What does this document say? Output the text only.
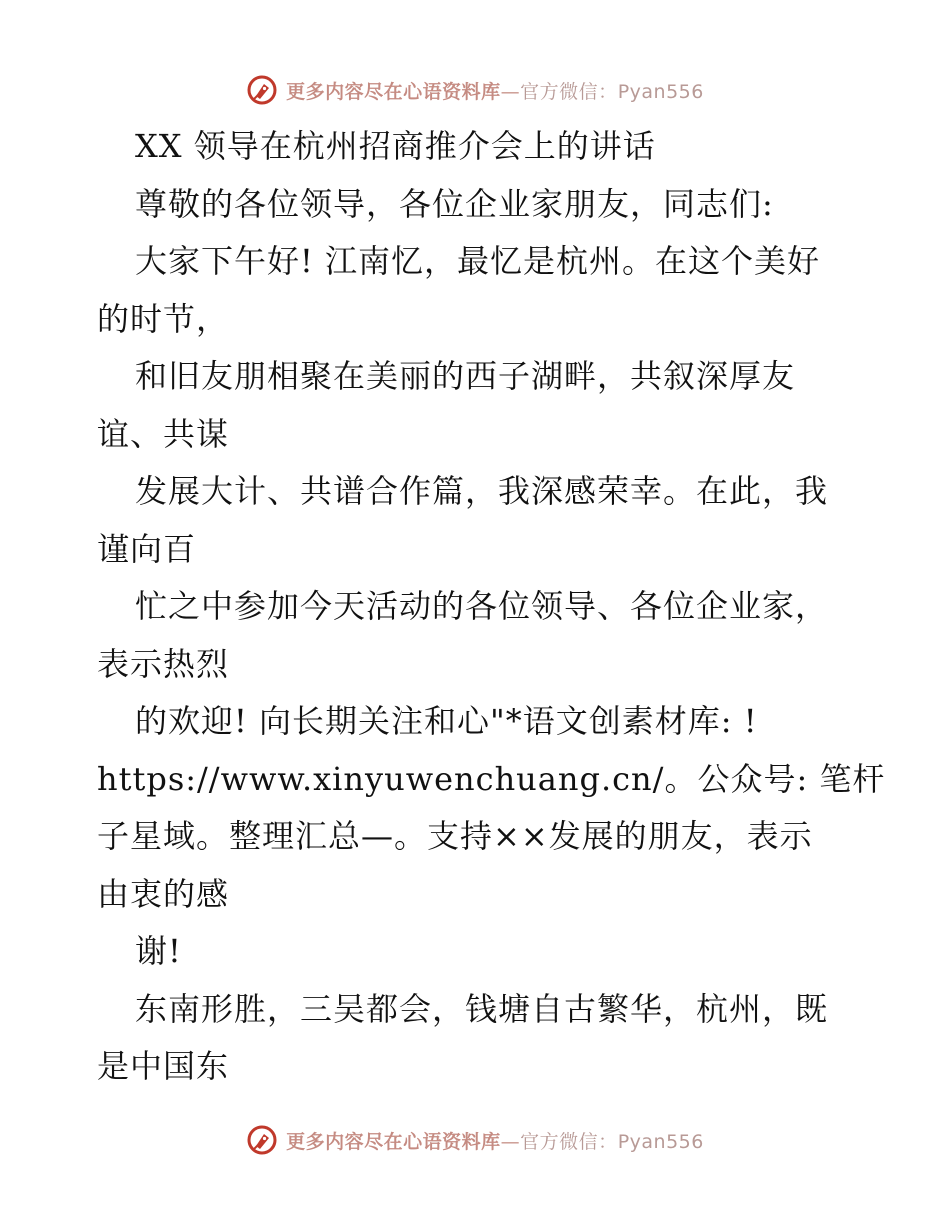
更多内容尽在心语资料库—官方微信：Pyan556
XX 领导在杭州招商推介会上的讲话
尊敬的各位领导，各位企业家朋友，同志们:
大家下午好! 江南忆，最忆是杭州。在这个美好
的时节，
和旧友朋相聚在美丽的西子湖畔，共叙深厚友
谊、共谋
发展大计、共谱合作篇，我深感荣幸。在此，我
谨向百
忙之中参加今天活动的各位领导、各位企业家，
表示热烈
的欢迎! 向长期关注和心"*语文创素材库: !
https://www.xinyuwenchuang.cn/。公众号: 笔杆
子星域。整理汇总—。支持××发展的朋友，表示
由衷的感
谢!
东南形胜，三吴都会，钱塘自古繁华，杭州，既
是中国东
更多内容尽在心语资料库—官方微信：Pyan556
